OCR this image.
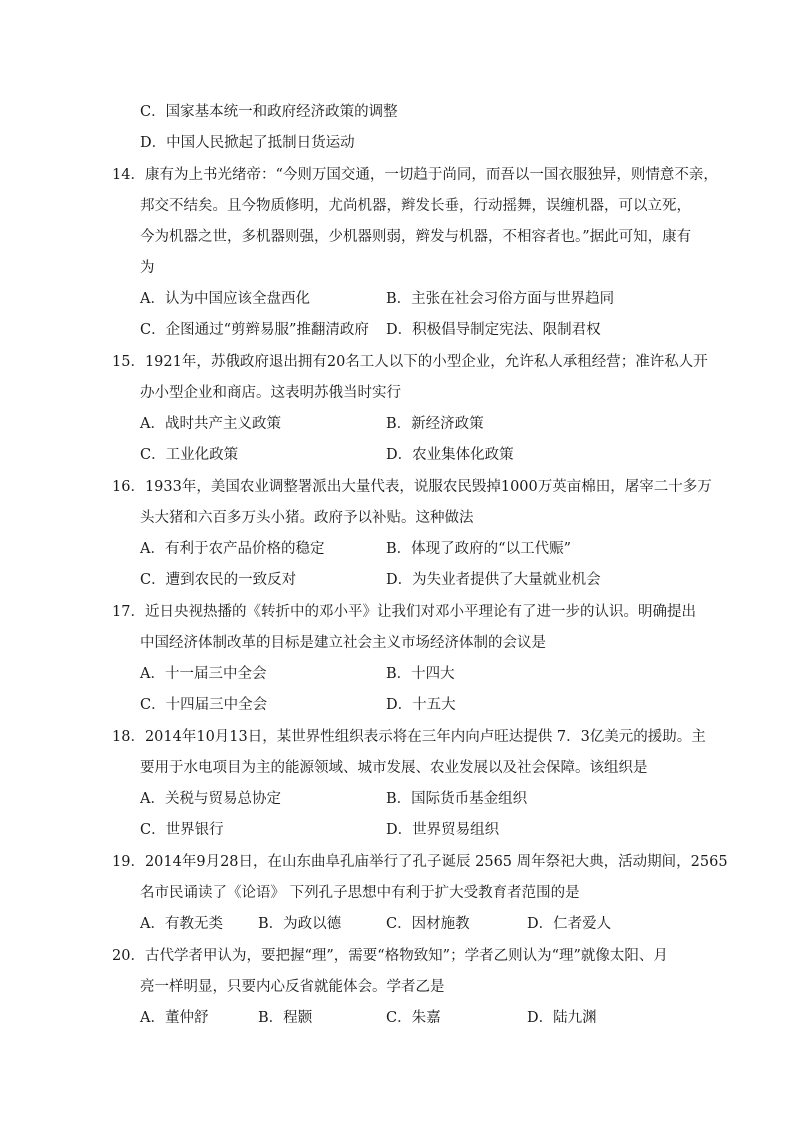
C．国家基本统一和政府经济政策的调整
D．中国人民掀起了抵制日货运动
14．康有为上书光绪帝：“今则万国交通，一切趋于尚同，而吾以一国衣服独异，则情意不亲，
邦交不结矣。且今物质修明，尤尚机器，辫发长垂，行动摇舞，误缠机器，可以立死，
今为机器之世，多机器则强，少机器则弱，辫发与机器，不相容者也。”据此可知，康有
为
A．认为中国应该全盘西化	B．主张在社会习俗方面与世界趋同
C．企图通过“剪辫易服”推翻清政府 D．积极倡导制定宪法、限制君权
15．1921年，苏俄政府退出拥有20名工人以下的小型企业，允许私人承租经营；准许私人开
办小型企业和商店。这表明苏俄当时实行
A．战时共产主义政策	B．新经济政策
C．工业化政策	D．农业集体化政策
16．1933年，美国农业调整署派出大量代表，说服农民毁掉1000万英亩棉田，屠宰二十多万
头大猪和六百多万头小猪。政府予以补贴。这种做法
A．有利于农产品价格的稳定	B．体现了政府的“以工代赈”
C．遭到农民的一致反对	D．为失业者提供了大量就业机会
17．近日央视热播的《转折中的邓小平》让我们对邓小平理论有了进一步的认识。明确提出
中国经济体制改革的目标是建立社会主义市场经济体制的会议是
A．十一届三中全会	B．十四大
C．十四届三中全会	D．十五大
18．2014年10月13日，某世界性组织表示将在三年内向卢旺达提供 7．3亿美元的援助。主
要用于水电项目为主的能源领域、城市发展、农业发展以及社会保障。该组织是
A．关税与贸易总协定	B．国际货币基金组织
C．世界银行	D．世界贸易组织
19．2014年9月28日，在山东曲阜孔庙举行了孔子诞辰 2565 周年祭祀大典，活动期间，2565
名市民诵读了《论语》 下列孔子思想中有利于扩大受教育者范围的是
A．有教无类 B．为政以德	C．因材施教	D．仁者爱人
20．古代学者甲认为，要把握“理”，需要“格物致知”；学者乙则认为“理”就像太阳、月
亮一样明显，只要内心反省就能体会。学者乙是
A．董仲舒	B．程颢	C．朱嘉	D．陆九渊
